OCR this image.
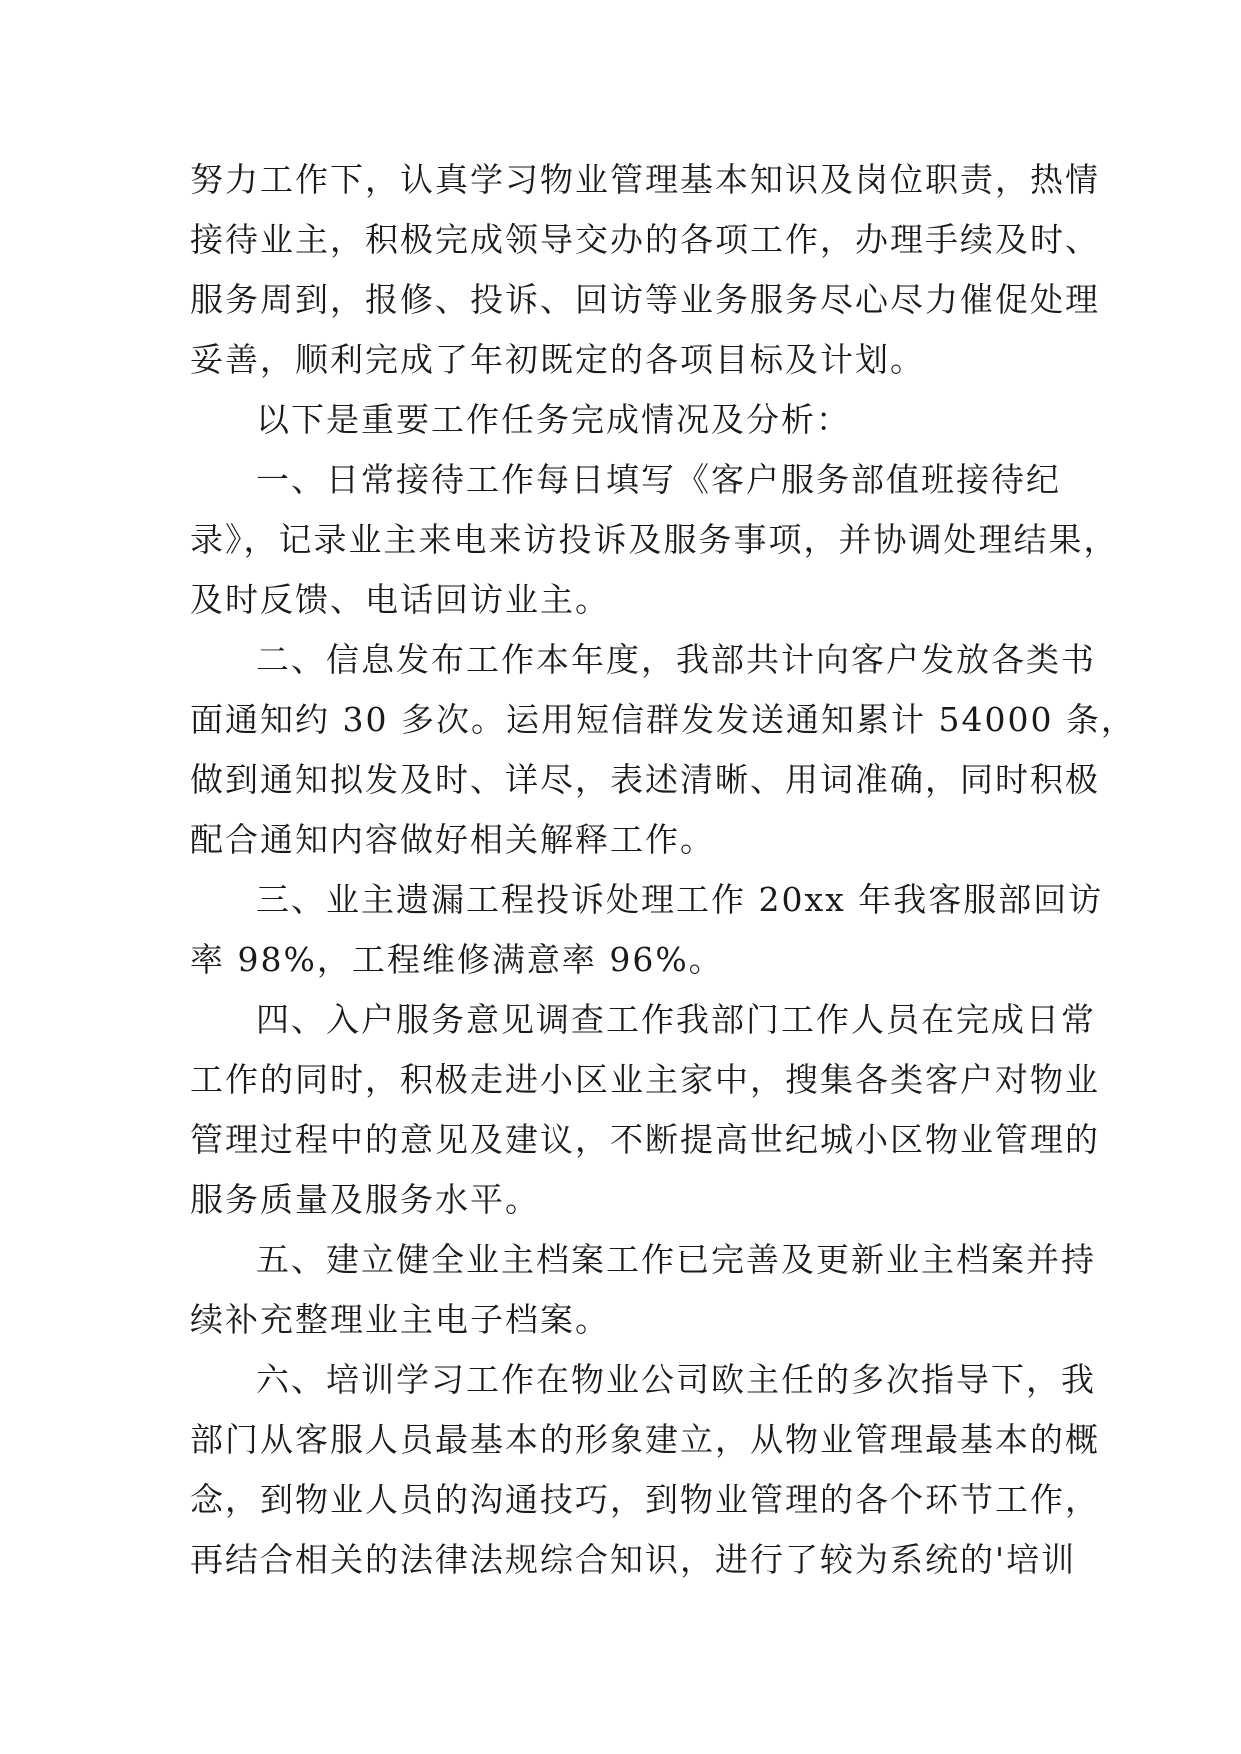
努力工作下，认真学习物业管理基本知识及岗位职责，热情
接待业主，积极完成领导交办的各项工作，办理手续及时、
服务周到，报修、投诉、回访等业务服务尽心尽力催促处理
妥善，顺利完成了年初既定的各项目标及计划。
以下是重要工作任务完成情况及分析：
一、日常接待工作每日填写《客户服务部值班接待纪
录》，记录业主来电来访投诉及服务事项，并协调处理结果，
及时反馈、电话回访业主。
二、信息发布工作本年度，我部共计向客户发放各类书
面通知约 30 多次。运用短信群发发送通知累计 54000 条，
做到通知拟发及时、详尽，表述清晰、用词准确，同时积极
配合通知内容做好相关解释工作。
三、业主遗漏工程投诉处理工作 20xx 年我客服部回访
率 98%，工程维修满意率 96%。
四、入户服务意见调查工作我部门工作人员在完成日常
工作的同时，积极走进小区业主家中，搜集各类客户对物业
管理过程中的意见及建议，不断提高世纪城小区物业管理的
服务质量及服务水平。
五、建立健全业主档案工作已完善及更新业主档案并持
续补充整理业主电子档案。
六、培训学习工作在物业公司欧主任的多次指导下，我
部门从客服人员最基本的形象建立，从物业管理最基本的概
念，到物业人员的沟通技巧，到物业管理的各个环节工作，
再结合相关的法律法规综合知识，进行了较为系统的'培训
